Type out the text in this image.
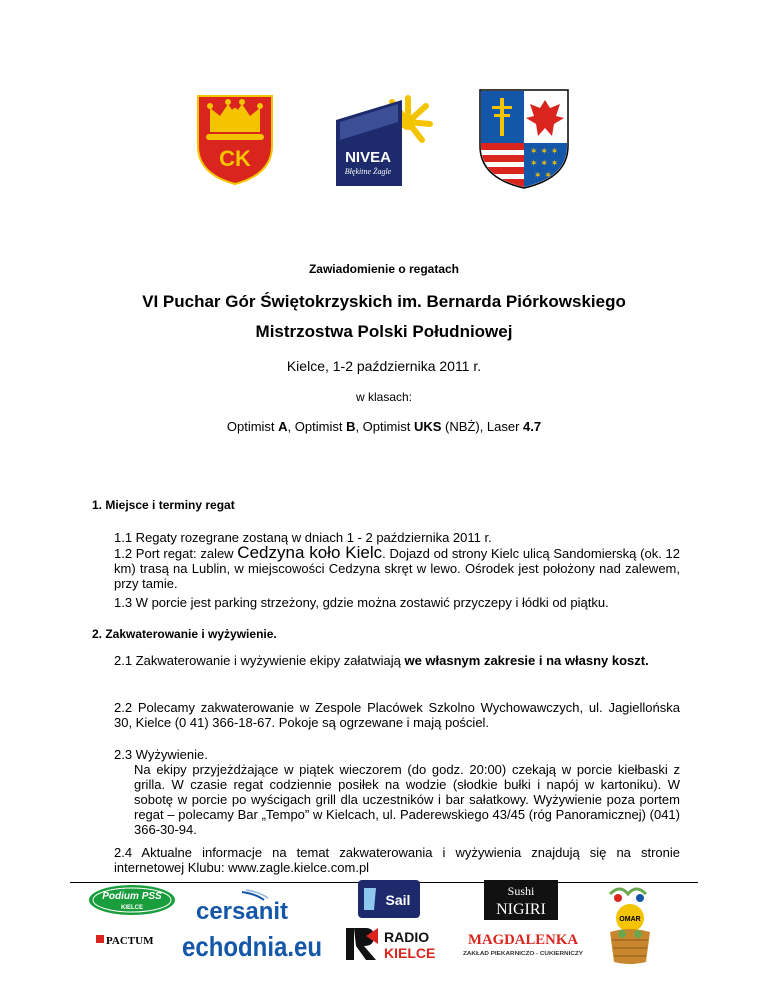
CK	NIVEA
Błękitne Żagle
✶ ✶ ✶
✶ ✶ ✶
✶ ✶
Zawiadomienie o regatach
VI Puchar Gór Świętokrzyskich im. Bernarda Piórkowskiego
Mistrzostwa Polski Południowej
Kielce, 1-2 października 2011 r.
w klasach:
Optimist A, Optimist B, Optimist UKS (NBŻ), Laser 4.7
1. Miejsce i terminy regat
1.1 Regaty rozegrane zostaną w dniach 1 - 2 października 2011 r.
1.2 Port regat: zalew Cedzyna koło Kielc. Dojazd od strony Kielc ulicą Sandomierską (ok. 12 km) trasą na Lublin, w miejscowości Cedzyna skręt w lewo. Ośrodek jest położony nad zalewem, przy tamie.
1.3 W porcie jest parking strzeżony, gdzie można zostawić przyczepy i łódki od piątku.
2. Zakwaterowanie i wyżywienie.
2.1 Zakwaterowanie i wyżywienie ekipy załatwiają we własnym zakresie i na własny koszt.
2.2 Polecamy zakwaterowanie w Zespole Placówek Szkolno Wychowawczych, ul. Jagiellońska 30, Kielce (0 41) 366-18-67. Pokoje są ogrzewane i mają pościel.
2.3 Wyżywienie.
Na ekipy przyjeżdżające w piątek wieczorem (do godz. 20:00) czekają w porcie kiełbaski z grilla. W czasie regat codziennie posiłek na wodzie (słodkie bułki i napój w kartoniku). W sobotę w porcie po wyścigach grill dla uczestników i bar sałatkowy. Wyżywienie poza portem regat – polecamy Bar „Tempo” w Kielcach, ul. Paderewskiego 43/45 (róg Panoramicznej) (041) 366-30-94.
2.4 Aktualne informacje na temat zakwaterowania i wyżywienia znajdują się na stronie internetowej Klubu: www.zagle.kielce.com.pl
Podium PSS
KIELCE cersanit	Sail
Sushi
NIGIRI
OMAR
PACTUM echodnia.eu	RADIO
KIELCE
MAGDALENKA
ZAKŁAD PIEKARNICZO - CUKIERNICZY
